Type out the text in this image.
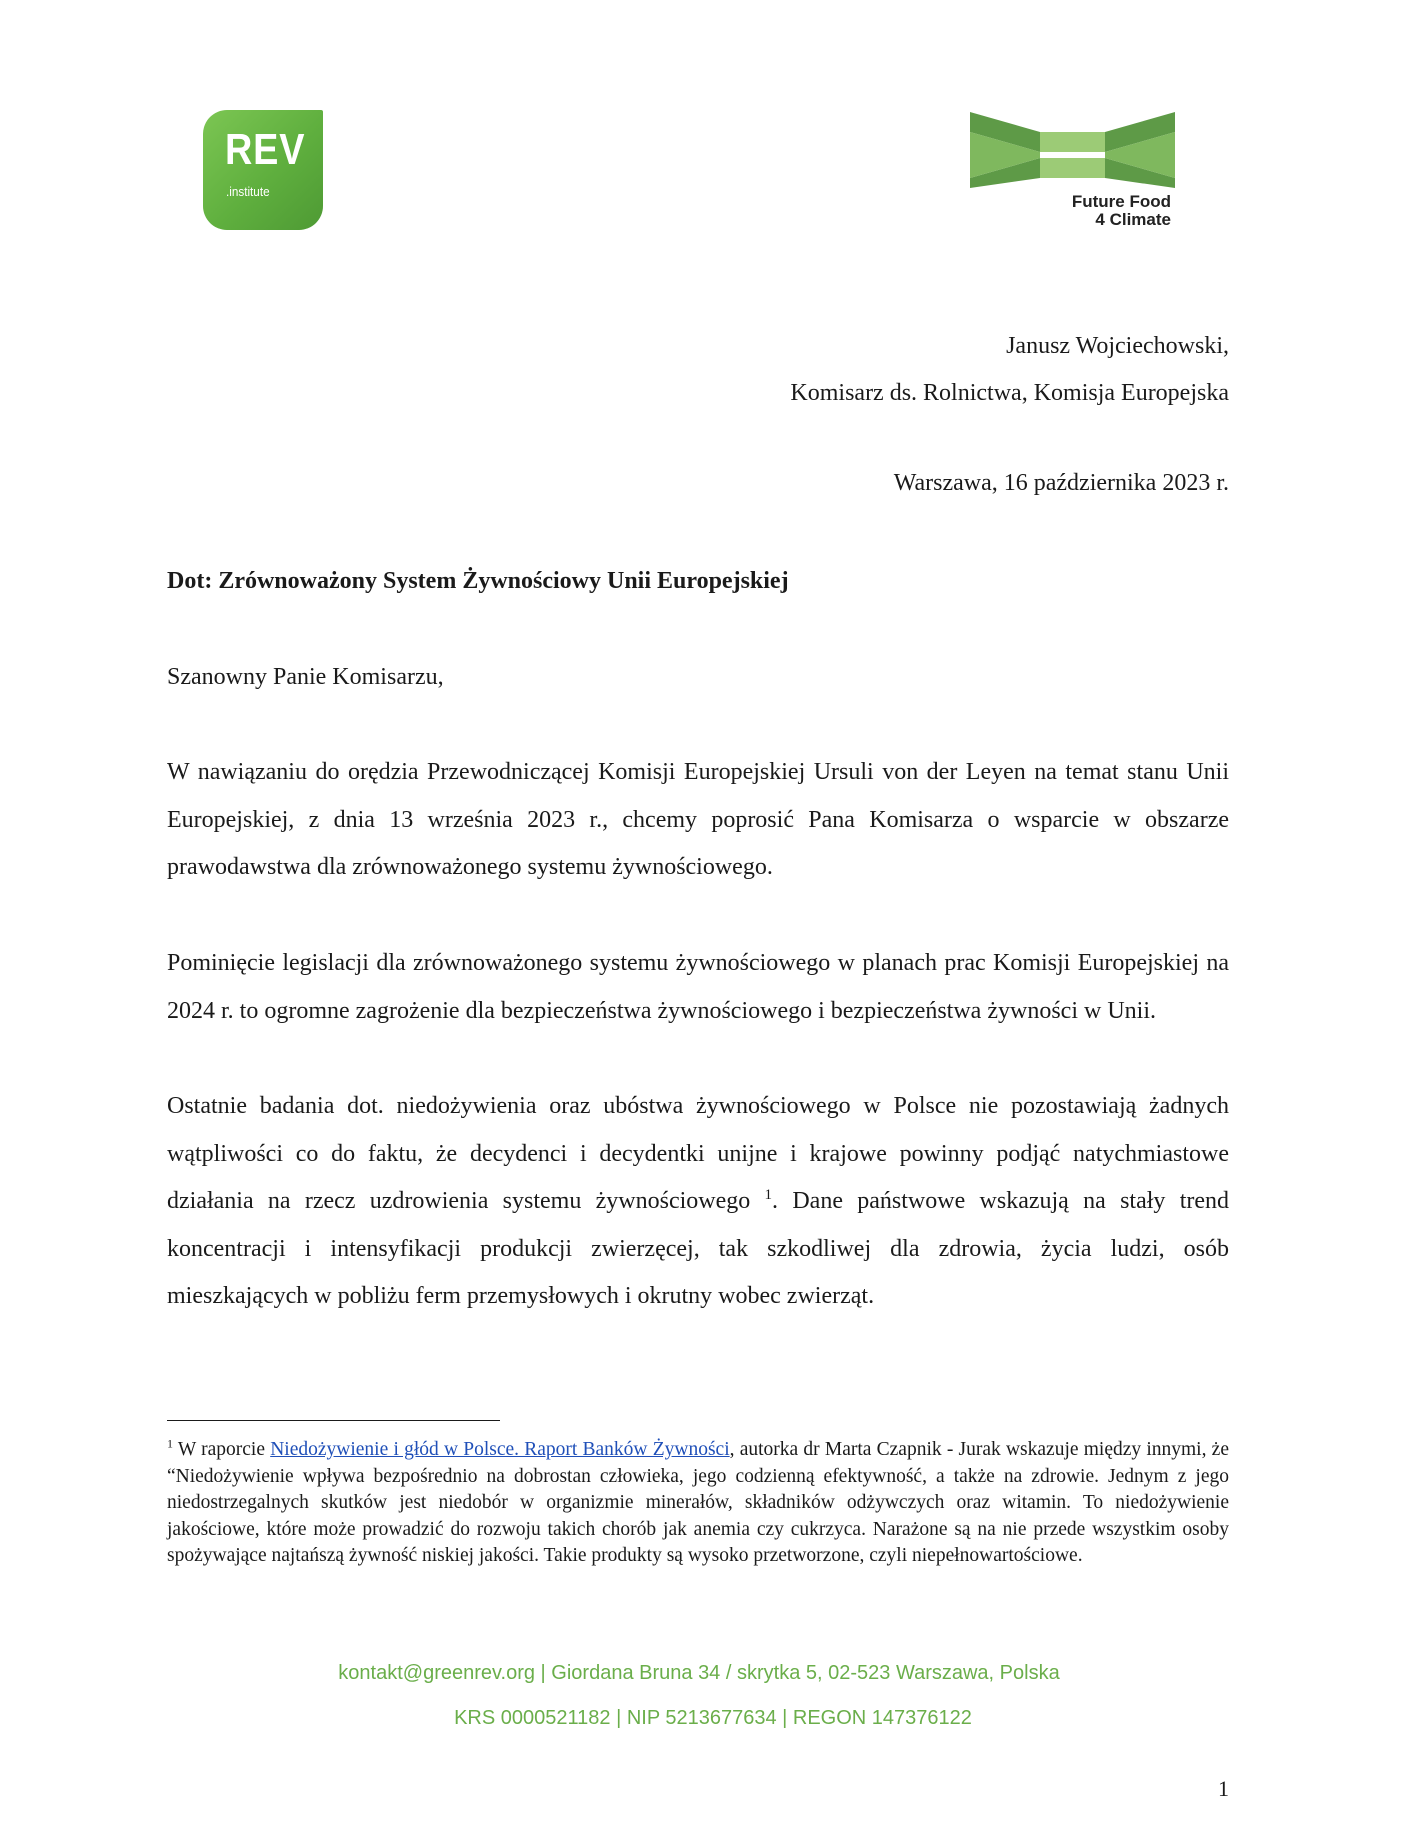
REV
.institute
Future Food
4 Climate
Janusz Wojciechowski,
Komisarz ds. Rolnictwa, Komisja Europejska
Warszawa, 16 października 2023 r.
Dot: Zrównoważony System Żywnościowy Unii Europejskiej
Szanowny Panie Komisarzu,
W nawiązaniu do orędzia Przewodniczącej Komisji Europejskiej Ursuli von der Leyen na temat stanu Unii Europejskiej, z dnia 13 września 2023 r., chcemy poprosić Pana Komisarza o wsparcie w obszarze prawodawstwa dla zrównoważonego systemu żywnościowego.
Pominięcie legislacji dla zrównoważonego systemu żywnościowego w planach prac Komisji Europejskiej na 2024 r. to ogromne zagrożenie dla bezpieczeństwa żywnościowego i bezpieczeństwa żywności w Unii.
Ostatnie badania dot. niedożywienia oraz ubóstwa żywnościowego w Polsce nie pozostawiają żadnych wątpliwości co do faktu, że decydenci i decydentki unijne i krajowe powinny podjąć natychmiastowe działania na rzecz uzdrowienia systemu żywnościowego $^1$. Dane państwowe wskazują na stały trend koncentracji i intensyfikacji produkcji zwierzęcej, tak szkodliwej dla zdrowia, życia ludzi, osób mieszkających w pobliżu ferm przemysłowych i okrutny wobec zwierząt.
$^1$ W raporcie Niedożywienie i głód w Polsce. Raport Banków Żywności, autorka dr Marta Czapnik - Jurak wskazuje między innymi, że “Niedożywienie wpływa bezpośrednio na dobrostan człowieka, jego codzienną efektywność, a także na zdrowie. Jednym z jego niedostrzegalnych skutków jest niedobór w organizmie minerałów, składników odżywczych oraz witamin. To niedożywienie jakościowe, które może prowadzić do rozwoju takich chorób jak anemia czy cukrzyca. Narażone są na nie przede wszystkim osoby spożywające najtańszą żywność niskiej jakości. Takie produkty są wysoko przetworzone, czyli niepełnowartościowe.
kontakt@greenrev.org | Giordana Bruna 34 / skrytka 5, 02-523 Warszawa, Polska
KRS 0000521182 | NIP 5213677634 | REGON 147376122
1
